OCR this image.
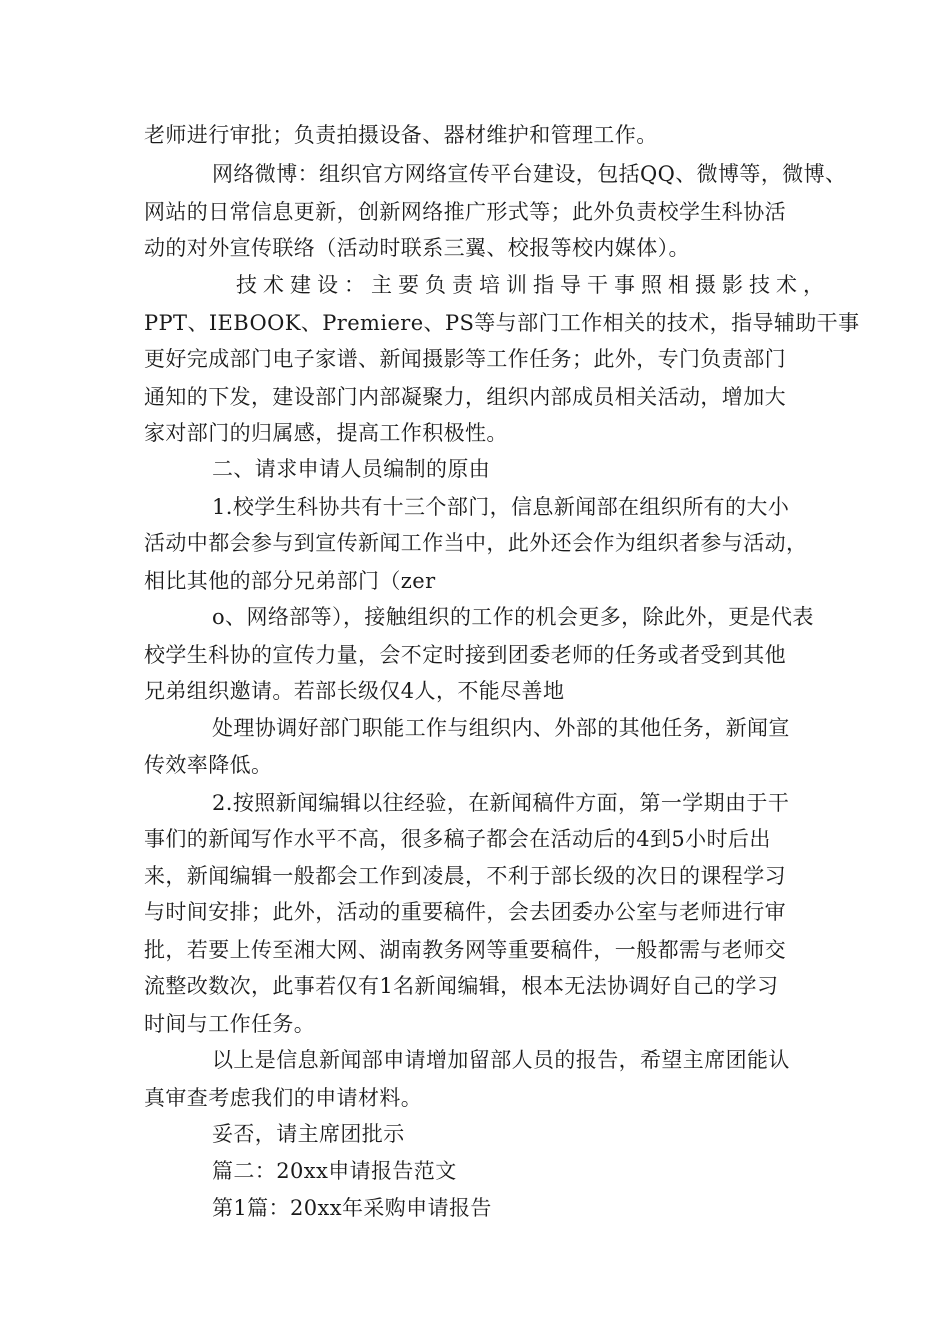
老师进行审批；负责拍摄设备、器材维护和管理工作。
网络微博：组织官方网络宣传平台建设，包括QQ、微博等，微博、
网站的日常信息更新，创新网络推广形式等；此外负责校学生科协活
动的对外宣传联络（活动时联系三翼、校报等校内媒体）。
技术建设：主要负责培训指导干事照相摄影技术，
PPT、IEBOOK、Premiere、PS等与部门工作相关的技术，指导辅助干事
更好完成部门电子家谱、新闻摄影等工作任务；此外，专门负责部门
通知的下发，建设部门内部凝聚力，组织内部成员相关活动，增加大
家对部门的归属感，提高工作积极性。
二、请求申请人员编制的原由
1.校学生科协共有十三个部门，信息新闻部在组织所有的大小
活动中都会参与到宣传新闻工作当中，此外还会作为组织者参与活动，
相比其他的部分兄弟部门（zer
o、网络部等），接触组织的工作的机会更多，除此外，更是代表
校学生科协的宣传力量，会不定时接到团委老师的任务或者受到其他
兄弟组织邀请。若部长级仅4人，不能尽善地
处理协调好部门职能工作与组织内、外部的其他任务，新闻宣
传效率降低。
2.按照新闻编辑以往经验，在新闻稿件方面，第一学期由于干
事们的新闻写作水平不高，很多稿子都会在活动后的4到5小时后出
来，新闻编辑一般都会工作到凌晨，不利于部长级的次日的课程学习
与时间安排；此外，活动的重要稿件，会去团委办公室与老师进行审
批，若要上传至湘大网、湖南教务网等重要稿件，一般都需与老师交
流整改数次，此事若仅有1名新闻编辑，根本无法协调好自己的学习
时间与工作任务。
以上是信息新闻部申请增加留部人员的报告，希望主席团能认
真审查考虑我们的申请材料。
妥否，请主席团批示
篇二：20xx申请报告范文
第1篇：20xx年采购申请报告
